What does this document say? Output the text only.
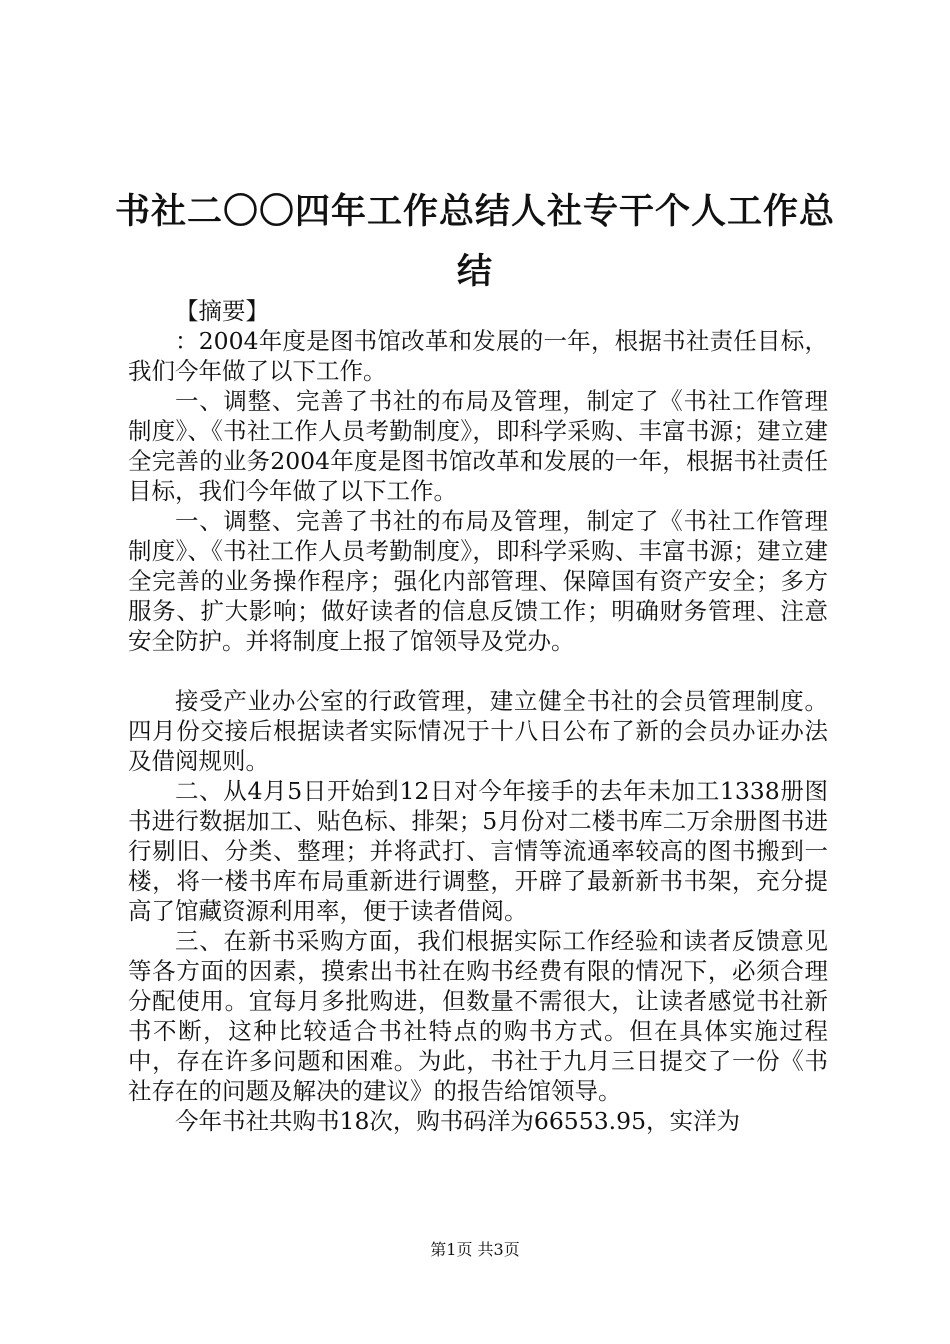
书社二〇〇四年工作总结人社专干个人工作总结

【摘要】

：2004年度是图书馆改革和发展的一年，根据书社责任目标，我们今年做了以下工作。

一、调整、完善了书社的布局及管理，制定了《书社工作管理制度》、《书社工作人员考勤制度》，即科学采购、丰富书源；建立建全完善的业务2004年度是图书馆改革和发展的一年，根据书社责任目标，我们今年做了以下工作。

一、调整、完善了书社的布局及管理，制定了《书社工作管理制度》、《书社工作人员考勤制度》，即科学采购、丰富书源；建立建全完善的业务操作程序；强化内部管理、保障国有资产安全；多方服务、扩大影响；做好读者的信息反馈工作；明确财务管理、注意安全防护。并将制度上报了馆领导及党办。

接受产业办公室的行政管理，建立健全书社的会员管理制度。四月份交接后根据读者实际情况于十八日公布了新的会员办证办法及借阅规则。

二、从4月5日开始到12日对今年接手的去年未加工1338册图书进行数据加工、贴色标、排架；5月份对二楼书库二万余册图书进行剔旧、分类、整理；并将武打、言情等流通率较高的图书搬到一楼，将一楼书库布局重新进行调整，开辟了最新新书书架，充分提高了馆藏资源利用率，便于读者借阅。

三、在新书采购方面，我们根据实际工作经验和读者反馈意见等各方面的因素，摸索出书社在购书经费有限的情况下，必须合理分配使用。宜每月多批购进，但数量不需很大，让读者感觉书社新书不断，这种比较适合书社特点的购书方式。但在具体实施过程中，存在许多问题和困难。为此，书社于九月三日提交了一份《书社存在的问题及解决的建议》的报告给馆领导。

今年书社共购书18次，购书码洋为66553.95，实洋为

第1页 共3页
